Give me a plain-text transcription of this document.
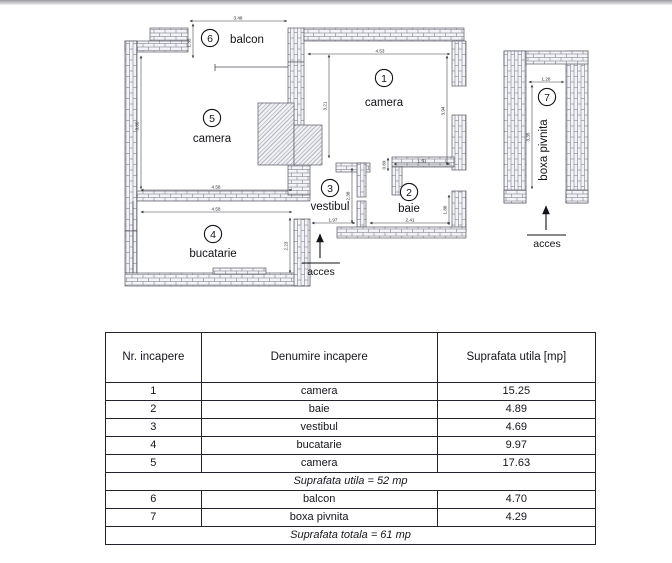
3.48
1.35
3.85
4.53
3.94
3.21
1.51
0.69
2.41
1.86
1.97
2.38
4.58
4.58
2.23
1.28
3.35
1
camera
2
baie
3
vestibul
4
bucatarie
5
camera
6 balcon
7
boxa pivnita
acces
acces
Nr. incapere	Denumire incapere	Suprafata utila [mp]
1	camera	15.25
2	baie	4.89
3	vestibul	4.69
4	bucatarie	9.97
5	camera	17.63
Suprafata utila = 52 mp		
6	balcon	4.70
7	boxa pivnita	4.29
Suprafata totala = 61 mp		
